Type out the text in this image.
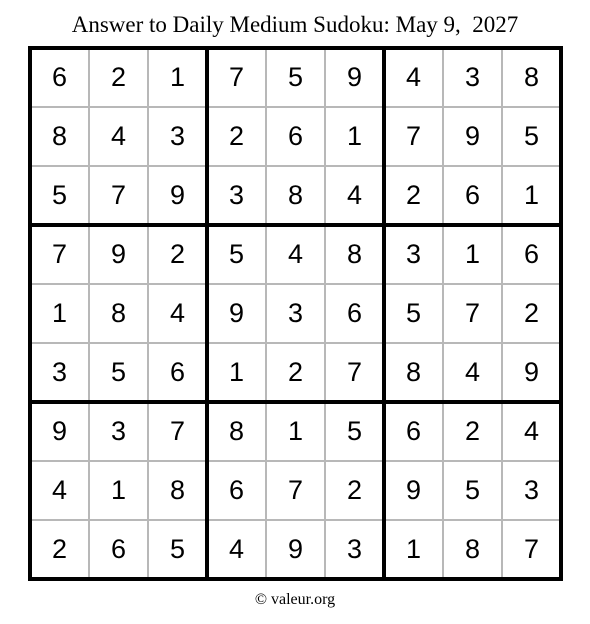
Answer to Daily Medium Sudoku: May 9,  2027
6	2	1	7	5	9	4	3	8
8	4	3	2	6	1	7	9	5
5	7	9	3	8	4	2	6	1
7	9	2	5	4	8	3	1	6
1	8	4	9	3	6	5	7	2
3	5	6	1	2	7	8	4	9
9	3	7	8	1	5	6	2	4
4	1	8	6	7	2	9	5	3
2	6	5	4	9	3	1	8	7
© valeur.org
